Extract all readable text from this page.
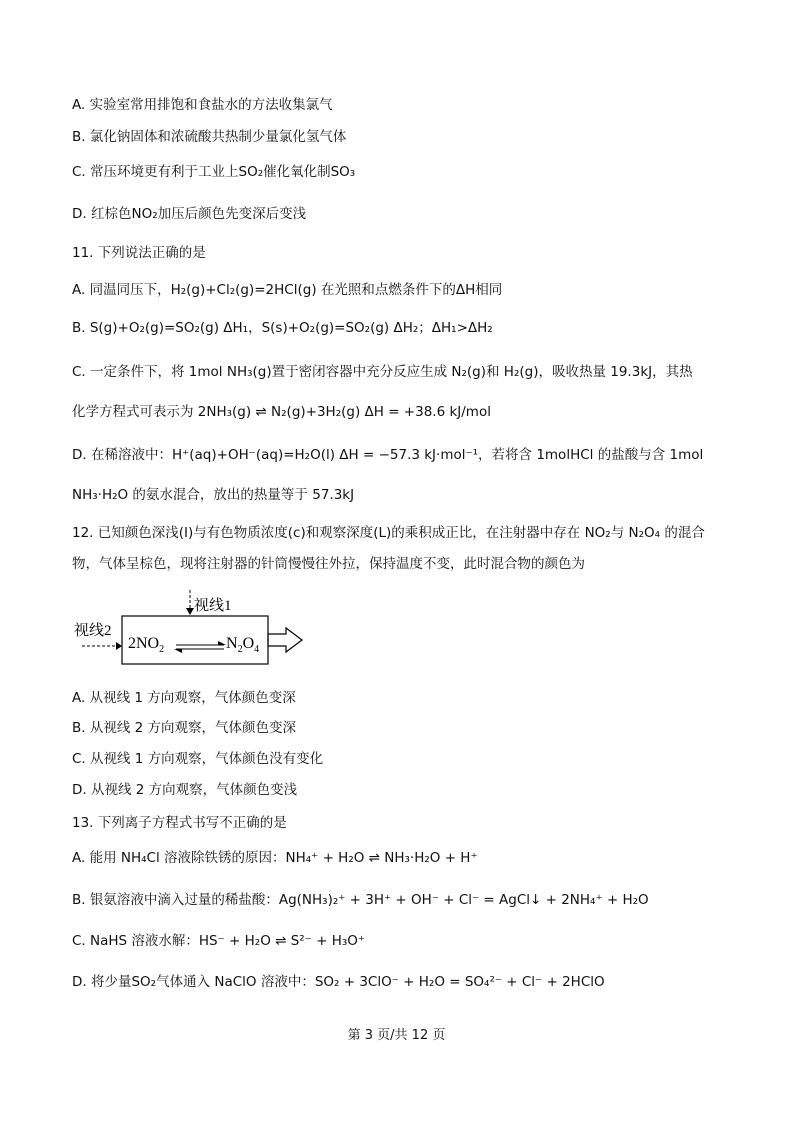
A. 实验室常用排饱和食盐水的方法收集氯气
B. 氯化钠固体和浓硫酸共热制少量氯化氢气体
C. 常压环境更有利于工业上SO₂催化氧化制SO₃
D. 红棕色NO₂加压后颜色先变深后变浅
11. 下列说法正确的是
A. 同温同压下，H₂(g)+Cl₂(g)=2HCl(g) 在光照和点燃条件下的ΔH相同
B. S(g)+O₂(g)=SO₂(g) ΔH₁，S(s)+O₂(g)=SO₂(g) ΔH₂；ΔH₁>ΔH₂
C. 一定条件下，将 1mol NH₃(g)置于密闭容器中充分反应生成 N₂(g)和 H₂(g)，吸收热量 19.3kJ，其热
化学方程式可表示为 2NH₃(g) ⇌ N₂(g)+3H₂(g) ΔH = +38.6 kJ/mol
D. 在稀溶液中：H⁺(aq)+OH⁻(aq)=H₂O(l) ΔH = −57.3 kJ·mol⁻¹，若将含 1molHCl 的盐酸与含 1mol
NH₃·H₂O 的氨水混合，放出的热量等于 57.3kJ
12. 已知颜色深浅(I)与有色物质浓度(c)和观察深度(L)的乘积成正比，在注射器中存在 NO₂与 N₂O₄ 的混合
物，气体呈棕色，现将注射器的针筒慢慢往外拉，保持温度不变，此时混合物的颜色为
视线1
视线2
$2NO_2$	$N_2O_4$
A. 从视线 1 方向观察，气体颜色变深
B. 从视线 2 方向观察，气体颜色变深
C. 从视线 1 方向观察，气体颜色没有变化
D. 从视线 2 方向观察，气体颜色变浅
13. 下列离子方程式书写不正确的是
A. 能用 NH₄Cl 溶液除铁锈的原因：NH₄⁺ + H₂O ⇌ NH₃·H₂O + H⁺
B. 银氨溶液中滴入过量的稀盐酸：Ag(NH₃)₂⁺ + 3H⁺ + OH⁻ + Cl⁻ = AgCl↓ + 2NH₄⁺ + H₂O
C. NaHS 溶液水解：HS⁻ + H₂O ⇌ S²⁻ + H₃O⁺
D. 将少量SO₂气体通入 NaClO 溶液中：SO₂ + 3ClO⁻ + H₂O = SO₄²⁻ + Cl⁻ + 2HClO
第 3 页/共 12 页
